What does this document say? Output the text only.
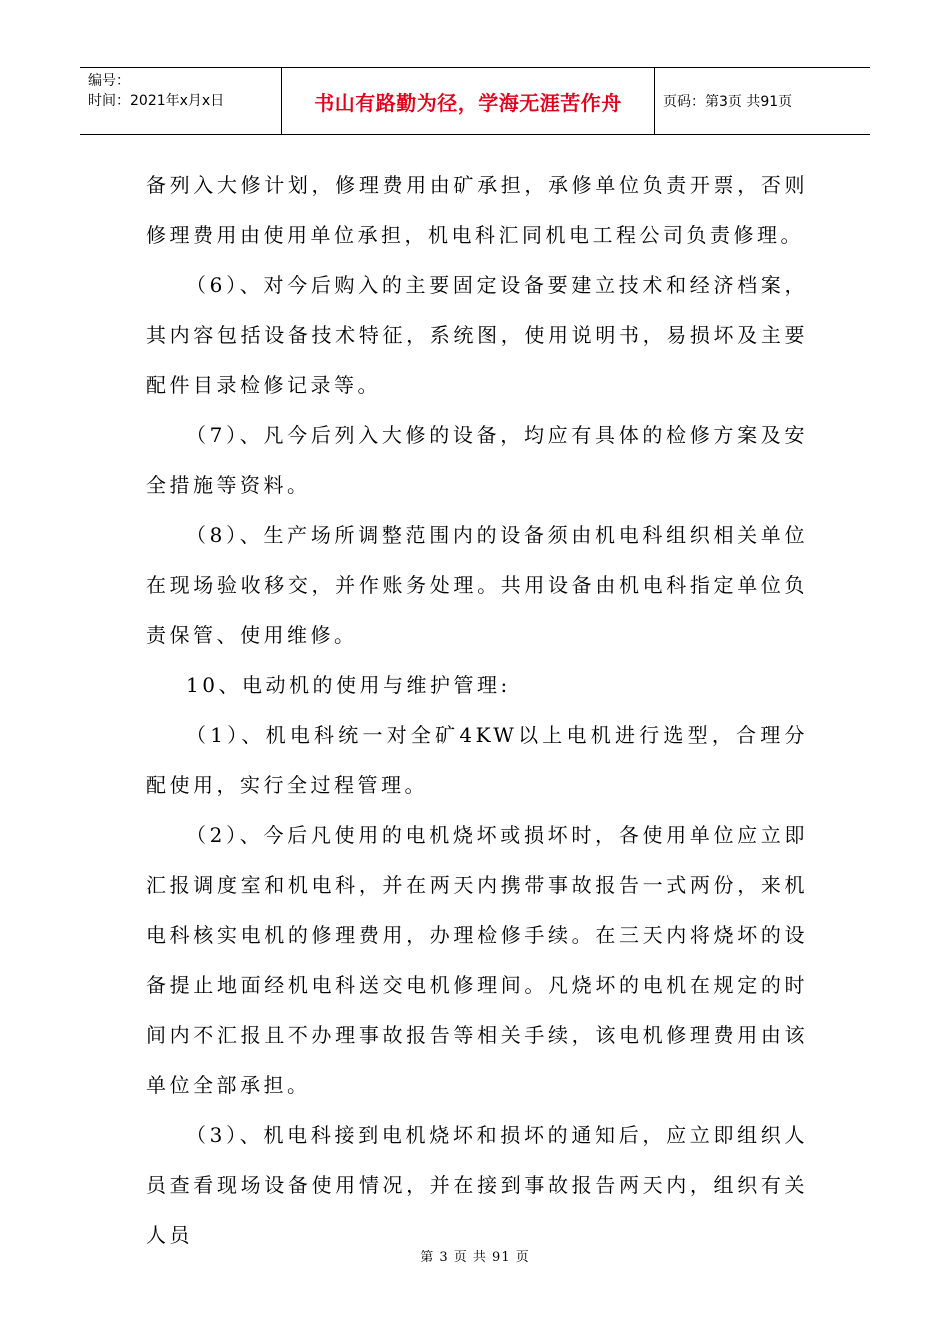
编号：
时间：2021年x月x日	书山有路勤为径，学海无涯苦作舟	页码：第3页 共91页

备列入大修计划，修理费用由矿承担，承修单位负责开票，否则修理费用由使用单位承担，机电科汇同机电工程公司负责修理。

（6）、对今后购入的主要固定设备要建立技术和经济档案，其内容包括设备技术特征，系统图，使用说明书，易损坏及主要配件目录检修记录等。

（7）、凡今后列入大修的设备，均应有具体的检修方案及安全措施等资料。

（8）、生产场所调整范围内的设备须由机电科组织相关单位在现场验收移交，并作账务处理。共用设备由机电科指定单位负责保管、使用维修。

10、电动机的使用与维护管理:

（1）、机电科统一对全矿4KW以上电机进行选型，合理分配使用，实行全过程管理。

（2）、今后凡使用的电机烧坏或损坏时，各使用单位应立即汇报调度室和机电科，并在两天内携带事故报告一式两份，来机电科核实电机的修理费用，办理检修手续。在三天内将烧坏的设备提止地面经机电科送交电机修理间。凡烧坏的电机在规定的时间内不汇报且不办理事故报告等相关手续，该电机修理费用由该单位全部承担。

（3）、机电科接到电机烧坏和损坏的通知后，应立即组织人员查看现场设备使用情况，并在接到事故报告两天内，组织有关人员

第 3 页 共 91 页
